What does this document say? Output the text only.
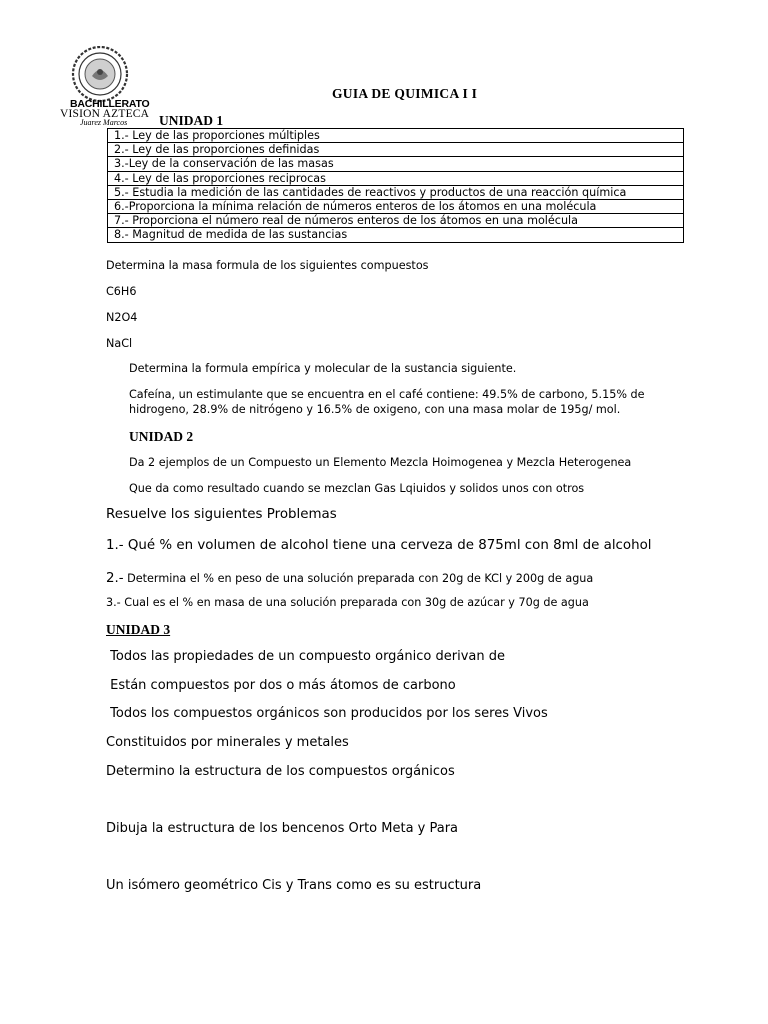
BACHILLERATO
VISION AZTECA
Juarez Marcos
GUIA DE QUIMICA I I
UNIDAD 1
1.- Ley de las proporciones múltiples
2.- Ley de las proporciones definidas
3.-Ley de la conservación de las masas
4.- Ley de las proporciones reciprocas
5.- Estudia la medición de las cantidades de reactivos y productos de una reacción química
6.-Proporciona la mínima relación de números enteros de los átomos en una molécula
7.- Proporciona el número real de números enteros de los átomos en una molécula
8.- Magnitud de medida de las sustancias
Determina la masa formula de los siguientes compuestos
C6H6
N2O4
NaCl
Determina la formula empírica y molecular de la sustancia siguiente.
Cafeína, un estimulante que se encuentra en el café contiene: 49.5% de carbono, 5.15% de
hidrogeno, 28.9% de nitrógeno y 16.5% de oxigeno, con una masa molar de 195g/ mol.
UNIDAD 2
Da 2 ejemplos de un Compuesto un Elemento Mezcla Hoimogenea y Mezcla Heterogenea
Que da como resultado cuando se mezclan Gas Lqiuidos y solidos unos con otros
Resuelve los siguientes Problemas
1.- Qué % en volumen de alcohol tiene una cerveza de 875ml con 8ml de alcohol
2.- Determina el % en peso de una solución preparada con 20g de KCl y 200g de agua
3.- Cual es el % en masa de una solución preparada con 30g de azúcar y 70g de agua
UNIDAD 3
Todos las propiedades de un compuesto orgánico derivan de
Están compuestos por dos o más átomos de carbono
Todos los compuestos orgánicos son producidos por los seres Vivos
Constituidos por minerales y metales
Determino la estructura de los compuestos orgánicos
Dibuja la estructura de los bencenos Orto Meta y Para
Un isómero geométrico Cis y Trans como es su estructura
